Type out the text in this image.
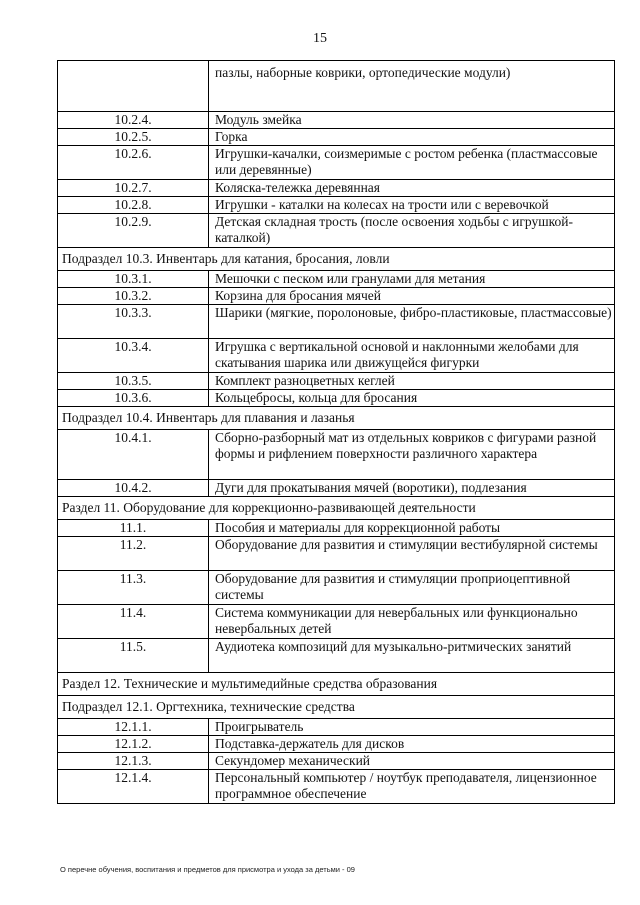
15
	пазлы, наборные коврики, ортопедические модули)
10.2.4.	Модуль змейка
10.2.5.	Горка
10.2.6.	Игрушки-качалки, соизмеримые с ростом ребенка (пластмассовые или деревянные)
10.2.7.	Коляска-тележка деревянная
10.2.8.	Игрушки - каталки на колесах на трости или с веревочкой
10.2.9.	Детская складная трость (после освоения ходьбы с игрушкой-каталкой)
Подраздел 10.3. Инвентарь для катания, бросания, ловли	
10.3.1.	Мешочки с песком или гранулами для метания
10.3.2.	Корзина для бросания мячей
10.3.3.	Шарики (мягкие, поролоновые, фибро-пластиковые, пластмассовые)
10.3.4.	Игрушка с вертикальной основой и наклонными желобами для скатывания шарика или движущейся фигурки
10.3.5.	Комплект разноцветных кеглей
10.3.6.	Кольцебросы, кольца для бросания
Подраздел 10.4. Инвентарь для плавания и лазанья	
10.4.1.	Сборно-разборный мат из отдельных ковриков с фигурами разной формы и рифлением поверхности различного характера
10.4.2.	Дуги для прокатывания мячей (воротики), подлезания
Раздел 11. Оборудование для коррекционно-развивающей деятельности	
11.1.	Пособия и материалы для коррекционной работы
11.2.	Оборудование для развития и стимуляции вестибулярной системы
11.3.	Оборудование для развития и стимуляции проприоцептивной системы
11.4.	Система коммуникации для невербальных или функционально невербальных детей
11.5.	Аудиотека композиций для музыкально-ритмических занятий
Раздел 12. Технические и мультимедийные средства образования	
Подраздел 12.1. Оргтехника, технические средства	
12.1.1.	Проигрыватель
12.1.2.	Подставка-держатель для дисков
12.1.3.	Секундомер механический
12.1.4.	Персональный компьютер / ноутбук преподавателя, лицензионное программное обеспечение
О перечне обучения, воспитания и предметов для присмотра и ухода за детьми - 09
